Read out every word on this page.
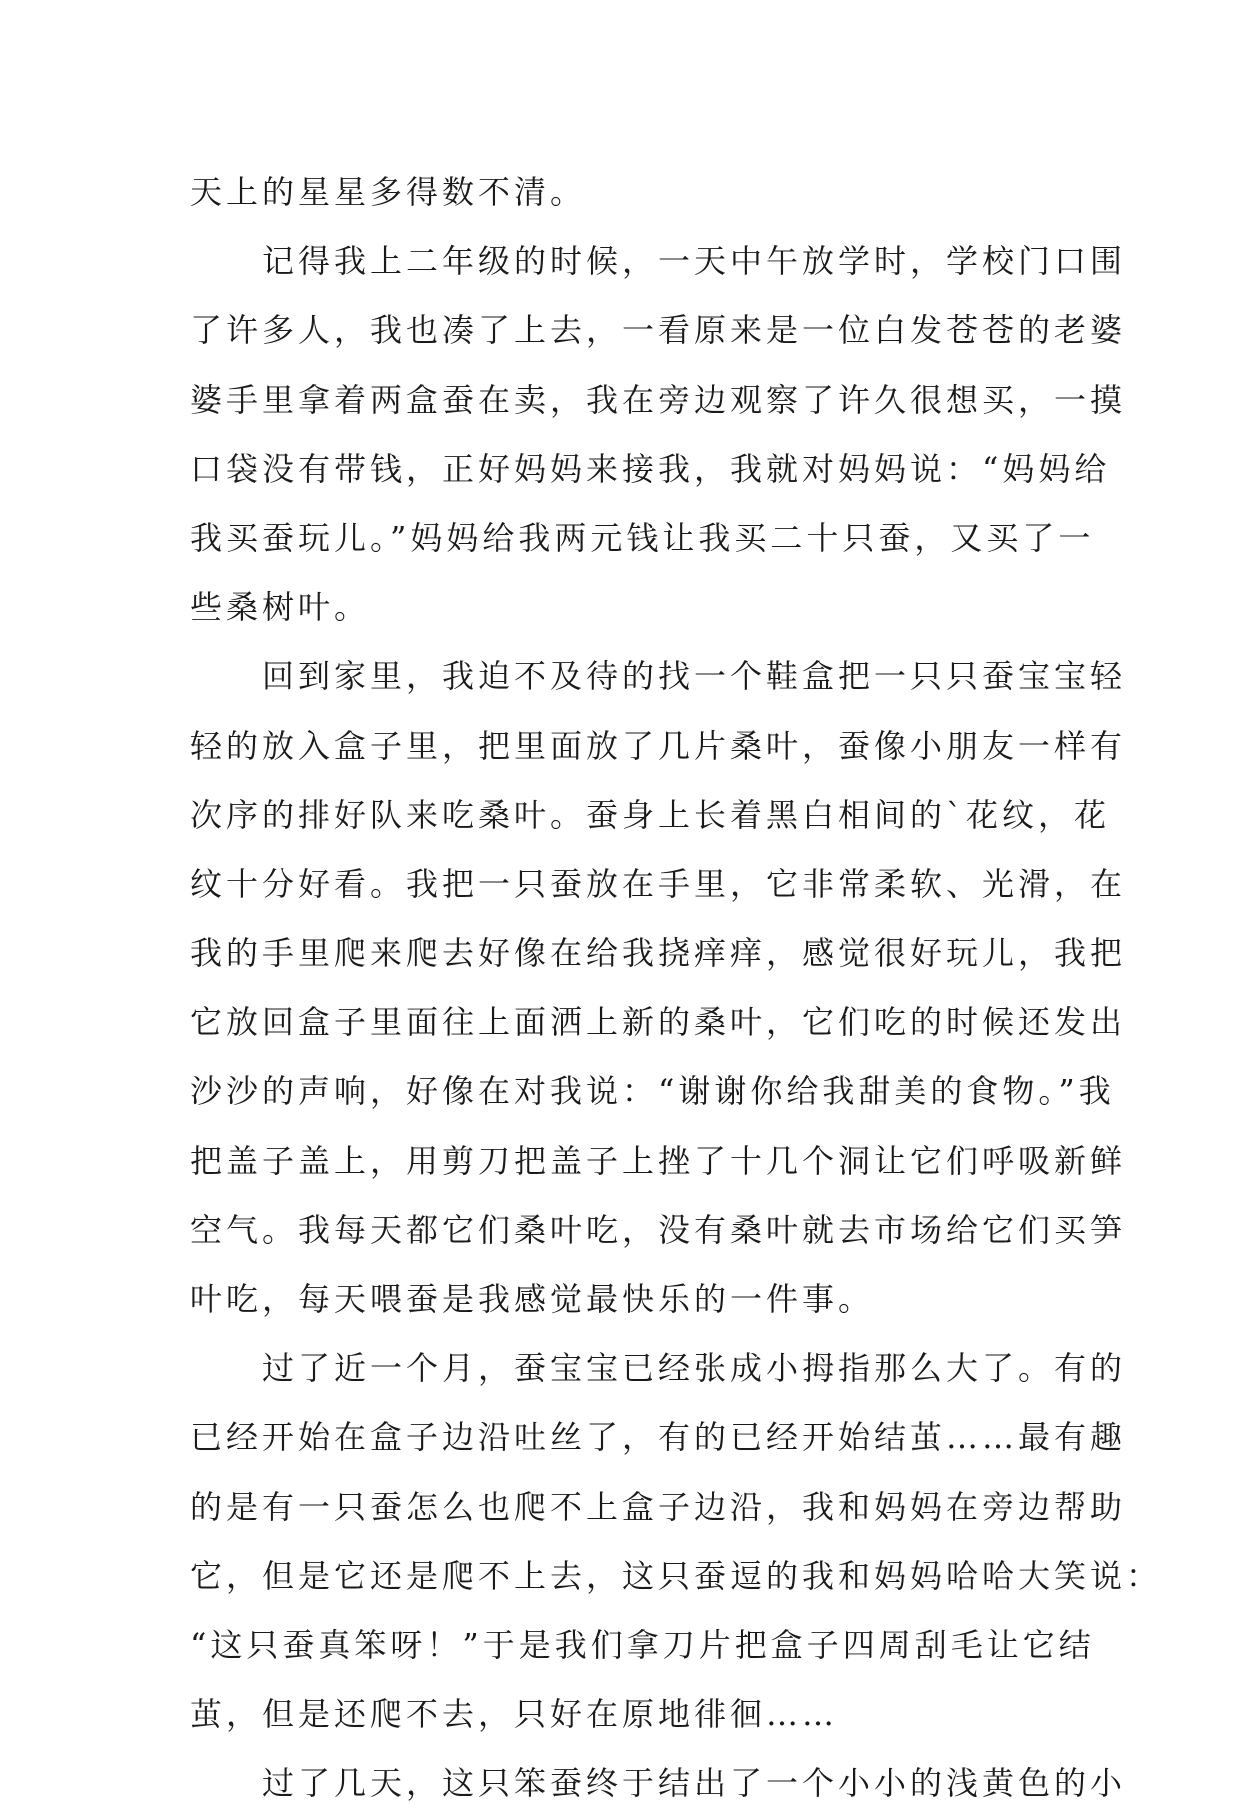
天上的星星多得数不清。
记得我上二年级的时候，一天中午放学时，学校门口围
了许多人，我也凑了上去，一看原来是一位白发苍苍的老婆
婆手里拿着两盒蚕在卖，我在旁边观察了许久很想买，一摸
口袋没有带钱，正好妈妈来接我，我就对妈妈说：“妈妈给
我买蚕玩儿。”妈妈给我两元钱让我买二十只蚕，又买了一
些桑树叶。
回到家里，我迫不及待的找一个鞋盒把一只只蚕宝宝轻
轻的放入盒子里，把里面放了几片桑叶，蚕像小朋友一样有
次序的排好队来吃桑叶。蚕身上长着黑白相间的`花纹，花
纹十分好看。我把一只蚕放在手里，它非常柔软、光滑，在
我的手里爬来爬去好像在给我挠痒痒，感觉很好玩儿，我把
它放回盒子里面往上面洒上新的桑叶，它们吃的时候还发出
沙沙的声响，好像在对我说：“谢谢你给我甜美的食物。”我
把盖子盖上，用剪刀把盖子上挫了十几个洞让它们呼吸新鲜
空气。我每天都它们桑叶吃，没有桑叶就去市场给它们买笋
叶吃，每天喂蚕是我感觉最快乐的一件事。
过了近一个月，蚕宝宝已经张成小拇指那么大了。有的
已经开始在盒子边沿吐丝了，有的已经开始结茧……最有趣
的是有一只蚕怎么也爬不上盒子边沿，我和妈妈在旁边帮助
它，但是它还是爬不上去，这只蚕逗的我和妈妈哈哈大笑说：
“这只蚕真笨呀！”于是我们拿刀片把盒子四周刮毛让它结
茧，但是还爬不去，只好在原地徘徊……
过了几天，这只笨蚕终于结出了一个小小的浅黄色的小
